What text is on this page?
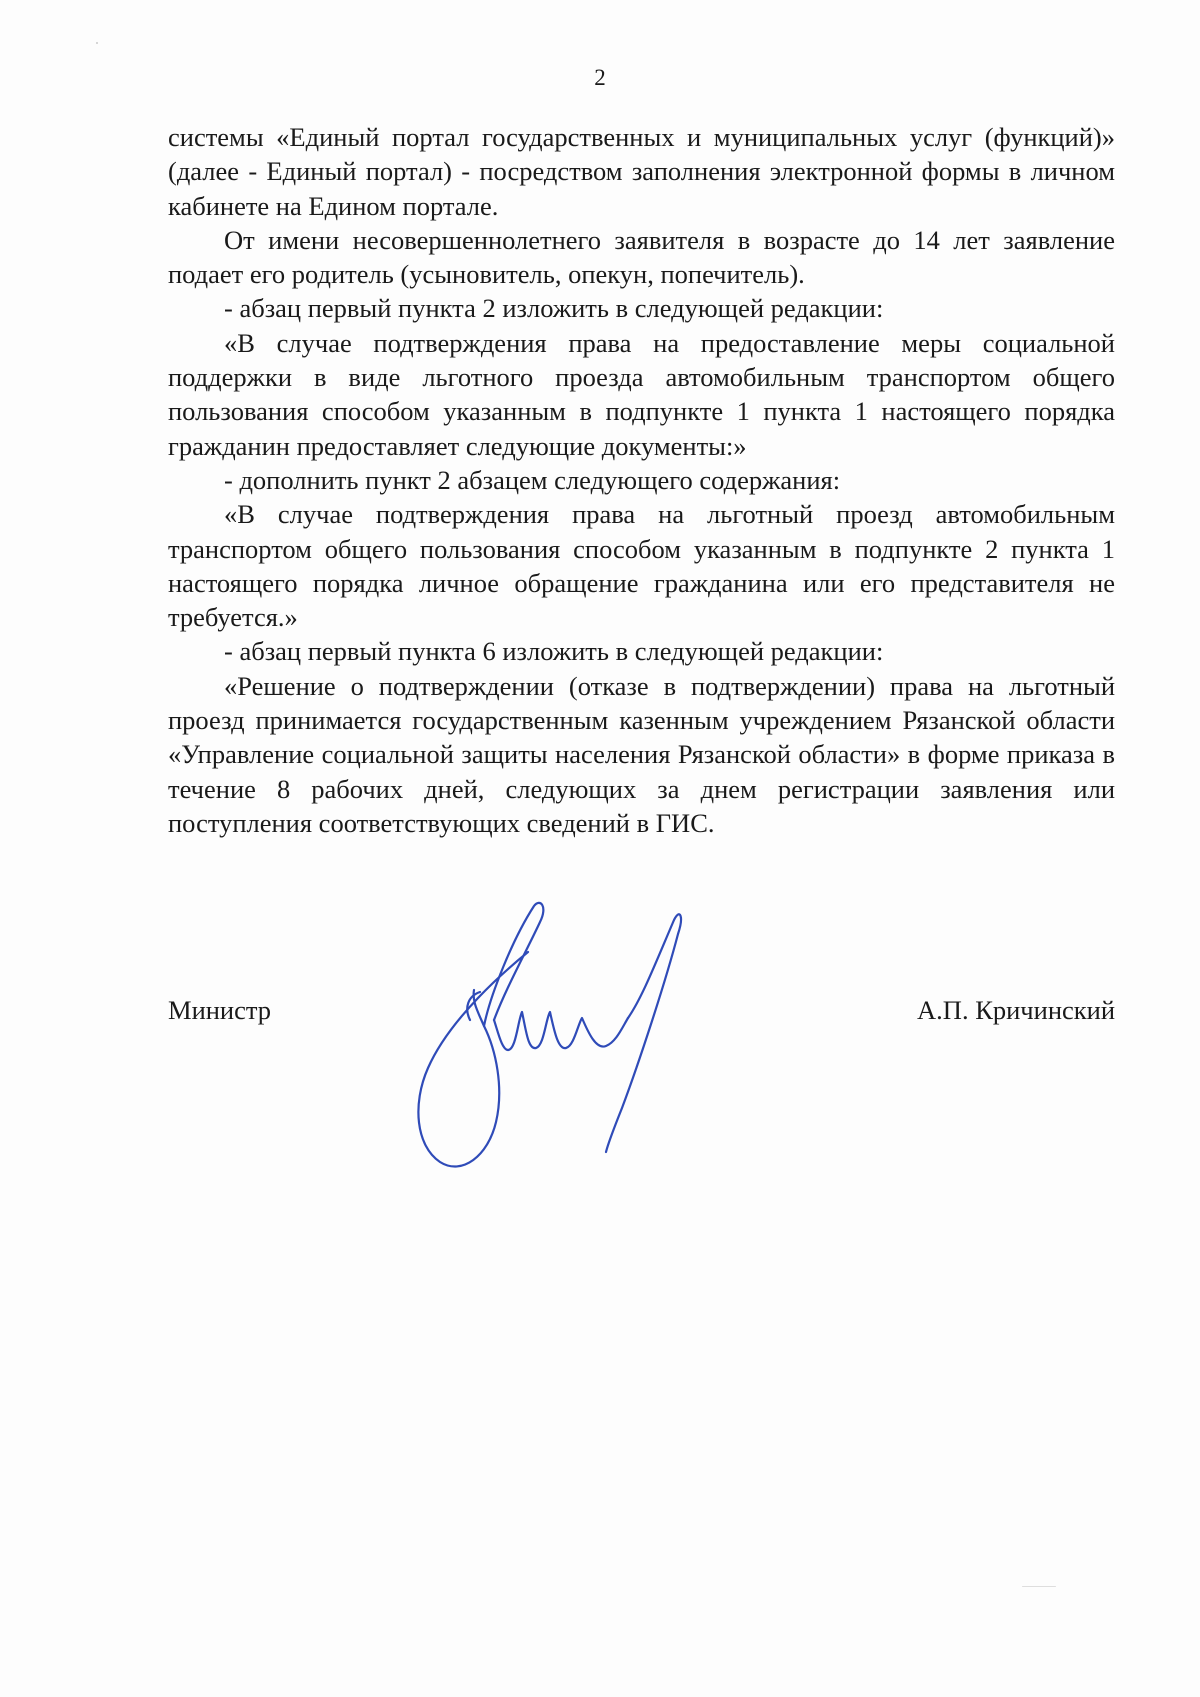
2

системы «Единый портал государственных и муниципальных услуг (функций)» (далее - Единый портал) - посредством заполнения электронной формы в личном кабинете на Едином портале.

От имени несовершеннолетнего заявителя в возрасте до 14 лет заявление подает его родитель (усыновитель, опекун, попечитель).

- абзац первый пункта 2 изложить в следующей редакции:

«В случае подтверждения права на предоставление меры социальной поддержки в виде льготного проезда автомобильным транспортом общего пользования способом указанным в подпункте 1 пункта 1 настоящего порядка гражданин предоставляет следующие документы:»

- дополнить пункт 2 абзацем следующего содержания:

«В случае подтверждения права на льготный проезд автомобильным транспортом общего пользования способом указанным в подпункте 2 пункта 1 настоящего порядка личное обращение гражданина или его представителя не требуется.»

- абзац первый пункта 6 изложить в следующей редакции:

«Решение о подтверждении (отказе в подтверждении) права на льготный проезд принимается государственным казенным учреждением Рязанской области «Управление социальной защиты населения Рязанской области» в форме приказа в течение 8 рабочих дней, следующих за днем регистрации заявления или поступления соответствующих сведений в ГИС.

Министр	А.П. Кричинский
